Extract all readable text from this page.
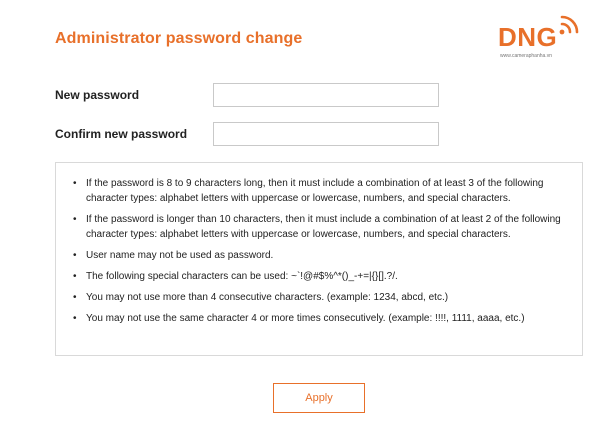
Administrator password change	DNG
www.cameraphanha.vn
New password
Confirm new password
• If the password is 8 to 9 characters long, then it must include a combination of at least 3 of the following character types: alphabet letters with uppercase or lowercase, numbers, and special characters.
• If the password is longer than 10 characters, then it must include a combination of at least 2 of the following character types: alphabet letters with uppercase or lowercase, numbers, and special characters.
• User name may not be used as password.
• The following special characters can be used: ~`!@#$%^*()_-+=|{}[].?/.
• You may not use more than 4 consecutive characters. (example: 1234, abcd, etc.)
• You may not use the same character 4 or more times consecutively. (example: !!!!, 1111, aaaa, etc.)
Apply
